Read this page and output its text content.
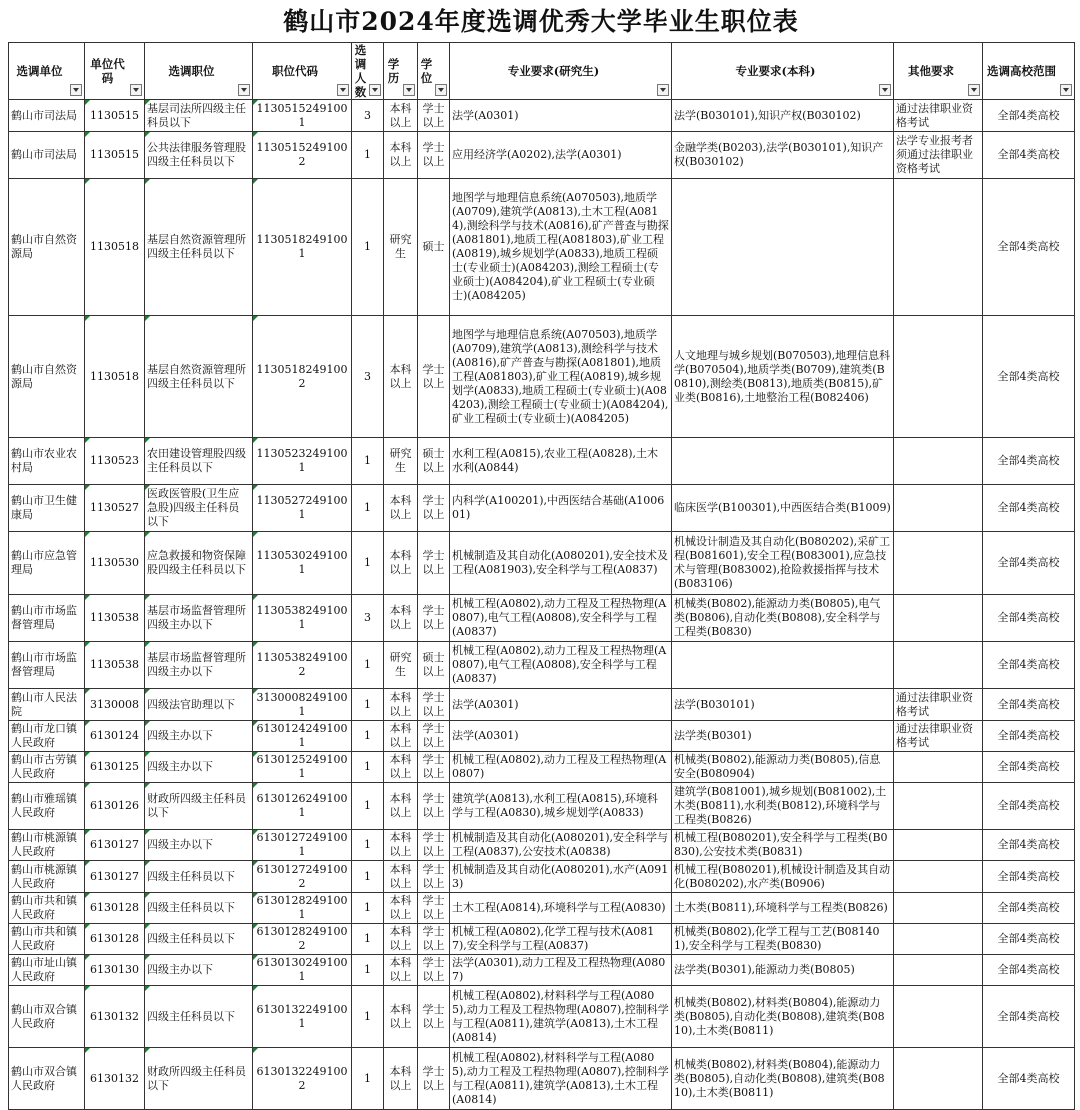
鹤山市2024年度选调优秀大学毕业生职位表
选调单位	单位代码	选调职位	职位代码	选调人数	学历	学位	专业要求(研究生)	专业要求(本科)	其他要求	选调高校范围

鹤山市司法局	1130515	基层司法所四级主任科员以下	11305152491001	3	本科以上	学士以上	法学(A0301)	法学(B030101),知识产权(B030102)	通过法律职业资格考试	全部4类高校
鹤山市司法局	1130515	公共法律服务管理股四级主任科员以下	11305152491002	1	本科以上	学士以上	应用经济学(A0202),法学(A0301)	金融学类(B0203),法学(B030101),知识产权(B030102)	法学专业报考者须通过法律职业资格考试	全部4类高校
鹤山市自然资源局	1130518	基层自然资源管理所四级主任科员以下	11305182491001	1	研究生	硕士	地图学与地理信息系统(A070503),地质学(A0709),建筑学(A0813),土木工程(A0814),测绘科学与技术(A0816),矿产普查与勘探(A081801),地质工程(A081803),矿业工程(A0819),城乡规划学(A0833),地质工程硕士(专业硕士)(A084203),测绘工程硕士(专业硕士)(A084204),矿业工程硕士(专业硕士)(A084205)			全部4类高校
鹤山市自然资源局	1130518	基层自然资源管理所四级主任科员以下	11305182491002	3	本科以上	学士以上	地图学与地理信息系统(A070503),地质学(A0709),建筑学(A0813),测绘科学与技术(A0816),矿产普查与勘探(A081801),地质工程(A081803),矿业工程(A0819),城乡规划学(A0833),地质工程硕士(专业硕士)(A084203),测绘工程硕士(专业硕士)(A084204),矿业工程硕士(专业硕士)(A084205)	人文地理与城乡规划(B070503),地理信息科学(B070504),地质学类(B0709),建筑类(B0810),测绘类(B0813),地质类(B0815),矿业类(B0816),土地整治工程(B082406)		全部4类高校
鹤山市农业农村局	1130523	农田建设管理股四级主任科员以下	11305232491001	1	研究生	硕士以上	水利工程(A0815),农业工程(A0828),土木水利(A0844)			全部4类高校
鹤山市卫生健康局	1130527	医政医管股(卫生应急股)四级主任科员以下	11305272491001	1	本科以上	学士以上	内科学(A100201),中西医结合基础(A100601)	临床医学(B100301),中西医结合类(B1009)		全部4类高校
鹤山市应急管理局	1130530	应急救援和物资保障股四级主任科员以下	11305302491001	1	本科以上	学士以上	机械制造及其自动化(A080201),安全技术及工程(A081903),安全科学与工程(A0837)	机械设计制造及其自动化(B080202),采矿工程(B081601),安全工程(B083001),应急技术与管理(B083002),抢险救援指挥与技术(B083106)		全部4类高校
鹤山市市场监督管理局	1130538	基层市场监督管理所四级主办以下	11305382491001	3	本科以上	学士以上	机械工程(A0802),动力工程及工程热物理(A0807),电气工程(A0808),安全科学与工程(A0837)	机械类(B0802),能源动力类(B0805),电气类(B0806),自动化类(B0808),安全科学与工程类(B0830)		全部4类高校
鹤山市市场监督管理局	1130538	基层市场监督管理所四级主办以下	11305382491002	1	研究生	硕士以上	机械工程(A0802),动力工程及工程热物理(A0807),电气工程(A0808),安全科学与工程(A0837)			全部4类高校
鹤山市人民法院	3130008	四级法官助理以下	31300082491001	1	本科以上	学士以上	法学(A0301)	法学(B030101)	通过法律职业资格考试	全部4类高校
鹤山市龙口镇人民政府	6130124	四级主办以下	61301242491001	1	本科以上	学士以上	法学(A0301)	法学类(B0301)	通过法律职业资格考试	全部4类高校
鹤山市古劳镇人民政府	6130125	四级主办以下	61301252491001	1	本科以上	学士以上	机械工程(A0802),动力工程及工程热物理(A0807)	机械类(B0802),能源动力类(B0805),信息安全(B080904)		全部4类高校
鹤山市雅瑶镇人民政府	6130126	财政所四级主任科员以下	61301262491001	1	本科以上	学士以上	建筑学(A0813),水利工程(A0815),环境科学与工程(A0830),城乡规划学(A0833)	建筑学(B081001),城乡规划(B081002),土木类(B0811),水利类(B0812),环境科学与工程类(B0826)		全部4类高校
鹤山市桃源镇人民政府	6130127	四级主办以下	61301272491001	1	本科以上	学士以上	机械制造及其自动化(A080201),安全科学与工程(A0837),公安技术(A0838)	机械工程(B080201),安全科学与工程类(B0830),公安技术类(B0831)		全部4类高校
鹤山市桃源镇人民政府	6130127	四级主任科员以下	61301272491002	1	本科以上	学士以上	机械制造及其自动化(A080201),水产(A0913)	机械工程(B080201),机械设计制造及其自动化(B080202),水产类(B0906)		全部4类高校
鹤山市共和镇人民政府	6130128	四级主任科员以下	61301282491001	1	本科以上	学士以上	土木工程(A0814),环境科学与工程(A0830)	土木类(B0811),环境科学与工程类(B0826)		全部4类高校
鹤山市共和镇人民政府	6130128	四级主任科员以下	61301282491002	1	本科以上	学士以上	机械工程(A0802),化学工程与技术(A0817),安全科学与工程(A0837)	机械类(B0802),化学工程与工艺(B081401),安全科学与工程类(B0830)		全部4类高校
鹤山市址山镇人民政府	6130130	四级主办以下	61301302491001	1	本科以上	学士以上	法学(A0301),动力工程及工程热物理(A0807)	法学类(B0301),能源动力类(B0805)		全部4类高校
鹤山市双合镇人民政府	6130132	四级主任科员以下	61301322491001	1	本科以上	学士以上	机械工程(A0802),材料科学与工程(A0805),动力工程及工程热物理(A0807),控制科学与工程(A0811),建筑学(A0813),土木工程(A0814)	机械类(B0802),材料类(B0804),能源动力类(B0805),自动化类(B0808),建筑类(B0810),土木类(B0811)		全部4类高校
鹤山市双合镇人民政府	6130132	财政所四级主任科员以下	61301322491002	1	本科以上	学士以上	机械工程(A0802),材料科学与工程(A0805),动力工程及工程热物理(A0807),控制科学与工程(A0811),建筑学(A0813),土木工程(A0814)	机械类(B0802),材料类(B0804),能源动力类(B0805),自动化类(B0808),建筑类(B0810),土木类(B0811)		全部4类高校
